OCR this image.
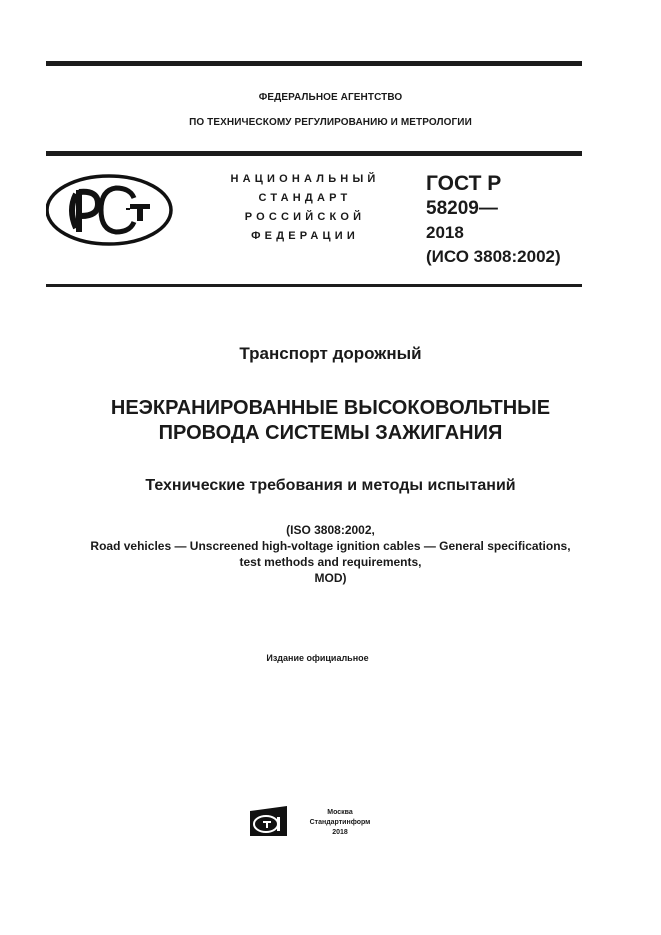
ФЕДЕРАЛЬНОЕ АГЕНТСТВО
ПО ТЕХНИЧЕСКОМУ РЕГУЛИРОВАНИЮ И МЕТРОЛОГИИ
НАЦИОНАЛЬНЫЙ
СТАНДАРТ
РОССИЙСКОЙ
ФЕДЕРАЦИИ
ГОСТ Р
58209—
2018
(ИСО 3808:2002)
Транспорт дорожный
НЕЭКРАНИРОВАННЫЕ ВЫСОКОВОЛЬТНЫЕ
ПРОВОДА СИСТЕМЫ ЗАЖИГАНИЯ
Технические требования и методы испытаний
(ISO 3808:2002,
Road vehicles — Unscreened high-voltage ignition cables — General specifications,
test methods and requirements,
MOD)
Издание официальное
Москва
Стандартинформ
2018
